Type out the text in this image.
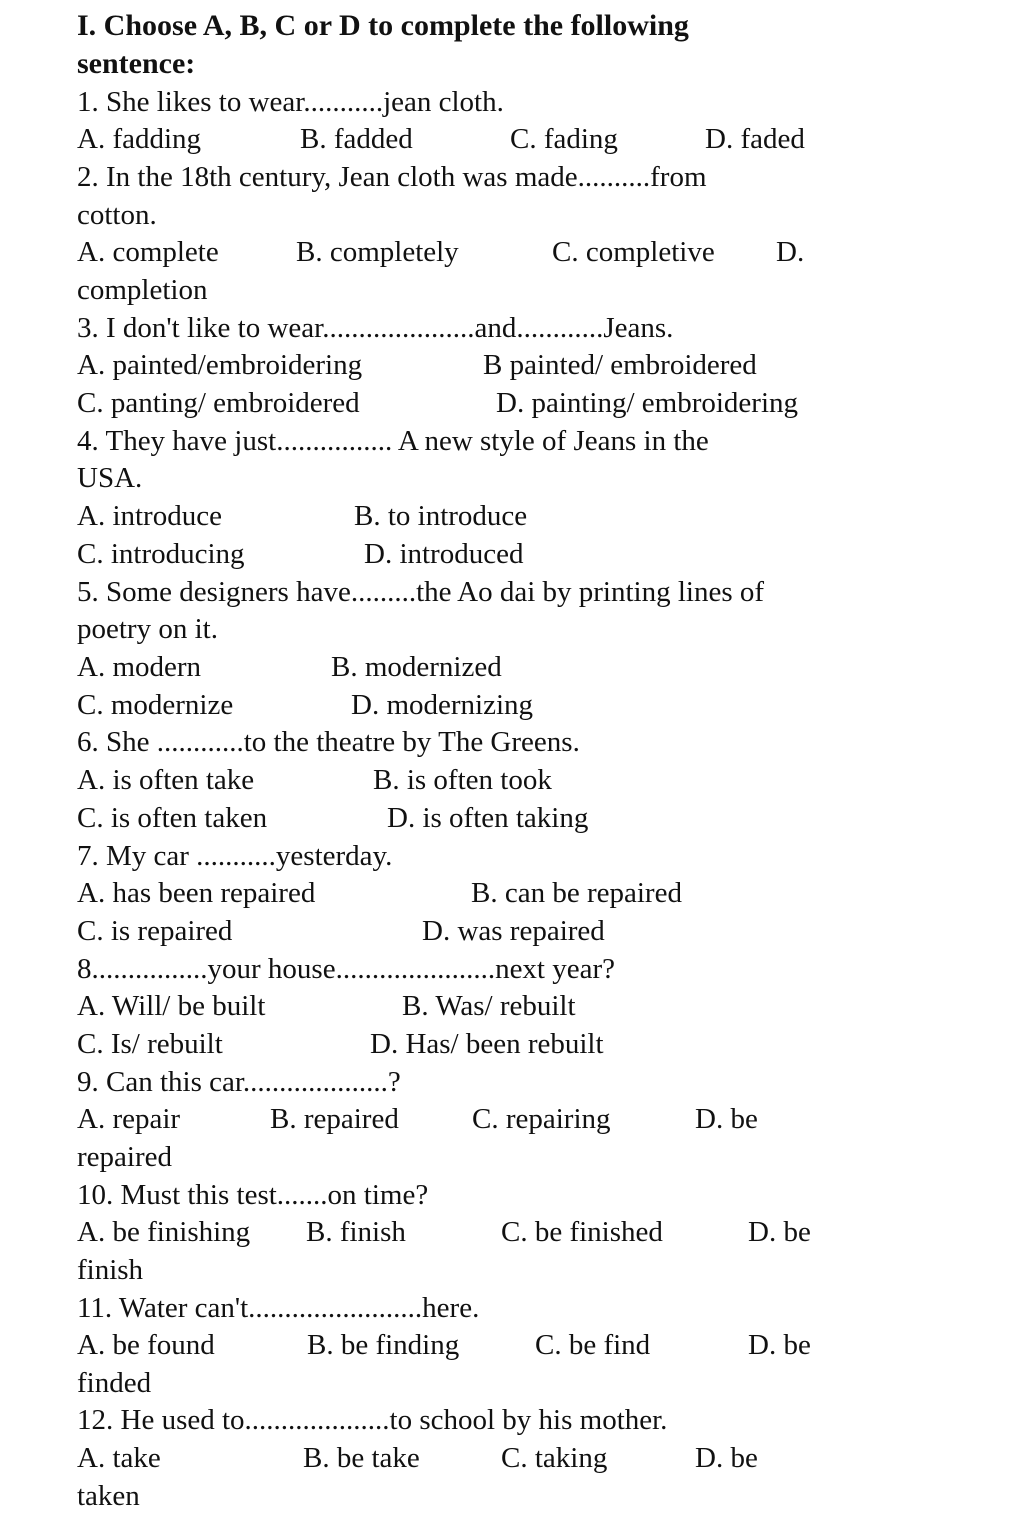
I. Choose A, B, C or D to complete the following
sentence:
1. She likes to wear...........jean cloth.
A. fadding	B. fadded	C. fading	D. faded
2. In the 18th century, Jean cloth was made..........from
cotton.
A. complete	B. completely	C. completive D.
completion
3. I don't like to wear.....................and............Jeans.
A. painted/embroidering	B painted/ embroidered
C. panting/ embroidered	D. painting/ embroidering
4. They have just................ A new style of Jeans in the
USA.
A. introduce	B. to introduce
C. introducing	D. introduced
5. Some designers have.........the Ao dai by printing lines of
poetry on it.
A. modern	B. modernized
C. modernize	D. modernizing
6. She ............to the theatre by The Greens.
A. is often take	B. is often took
C. is often taken	D. is often taking
7. My car ...........yesterday.
A. has been repaired	B. can be repaired
C. is repaired	D. was repaired
8................your house......................next year?
A. Will/ be built	B. Was/ rebuilt
C. Is/ rebuilt	D. Has/ been rebuilt
9. Can this car....................?
A. repair	B. repaired	C. repairing	D. be
repaired
10. Must this test.......on time?
A. be finishing B. finish	C. be finished	D. be
finish
11. Water can't........................here.
A. be found	B. be finding	C. be find	D. be
finded
12. He used to....................to school by his mother.
A. take	B. be take	C. taking	D. be
taken
